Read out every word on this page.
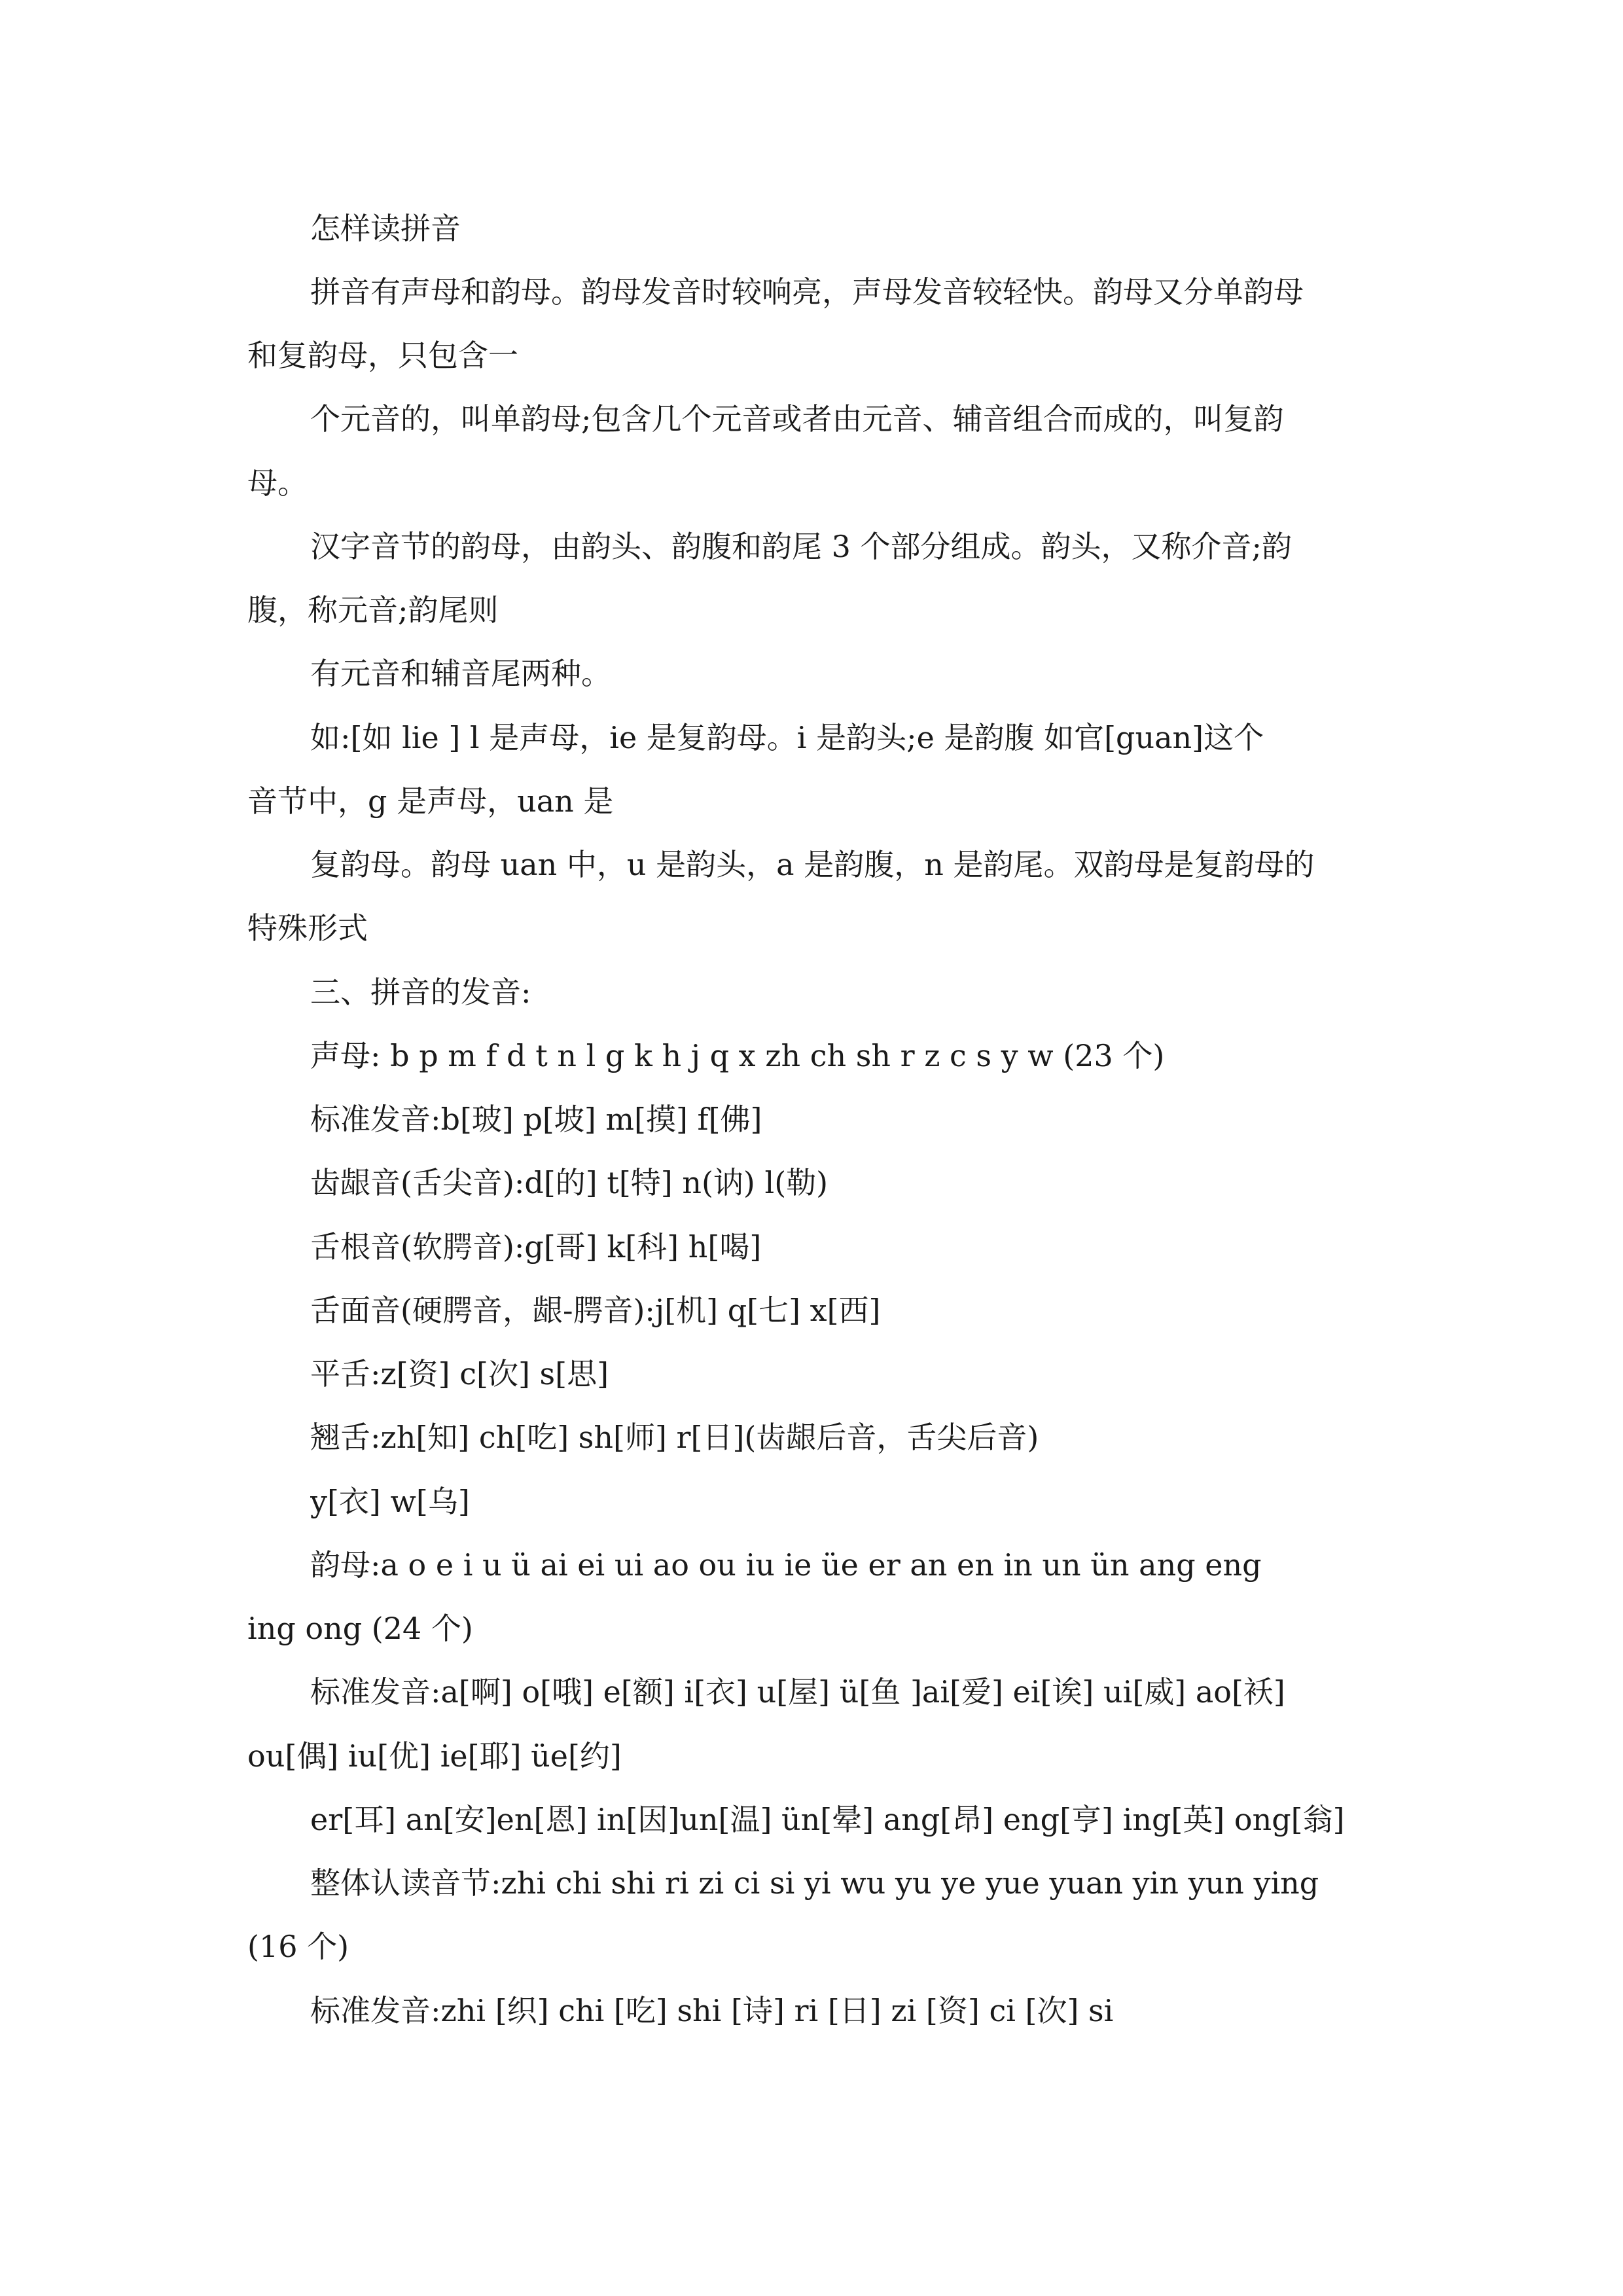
怎样读拼音
拼音有声母和韵母。韵母发音时较响亮，声母发音较轻快。韵母又分单韵母
和复韵母，只包含一
个元音的，叫单韵母;包含几个元音或者由元音、辅音组合而成的，叫复韵
母。
汉字音节的韵母，由韵头、韵腹和韵尾 3 个部分组成。韵头，又称介音;韵
腹，称元音;韵尾则
有元音和辅音尾两种。
如:[如 lie ] l 是声母，ie 是复韵母。i 是韵头;e 是韵腹 如官[guan]这个
音节中，g 是声母，uan 是
复韵母。韵母 uan 中，u 是韵头，a 是韵腹，n 是韵尾。双韵母是复韵母的
特殊形式
三、拼音的发音:
声母: b p m f d t n l g k h j q x zh ch sh r z c s y w (23 个)
标准发音:b[玻] p[坡] m[摸] f[佛]
齿龈音(舌尖音):d[的] t[特] n(讷) l(勒)
舌根音(软腭音):g[哥] k[科] h[喝]
舌面音(硬腭音，龈-腭音):j[机] q[七] x[西]
平舌:z[资] c[次] s[思]
翘舌:zh[知] ch[吃] sh[师] r[日](齿龈后音，舌尖后音)
y[衣] w[乌]
韵母:a o e i u ü ai ei ui ao ou iu ie üe er an en in un ün ang eng
ing ong (24 个)
标准发音:a[啊] o[哦] e[额] i[衣] u[屋] ü[鱼 ]ai[爱] ei[诶] ui[威] ao[袄]
ou[偶] iu[优] ie[耶] üe[约]
er[耳] an[安]en[恩] in[因]un[温] ün[晕] ang[昂] eng[亨] ing[英] ong[翁]
整体认读音节:zhi chi shi ri zi ci si yi wu yu ye yue yuan yin yun ying
(16 个)
标准发音:zhi [织] chi [吃] shi [诗] ri [日] zi [资] ci [次] si
